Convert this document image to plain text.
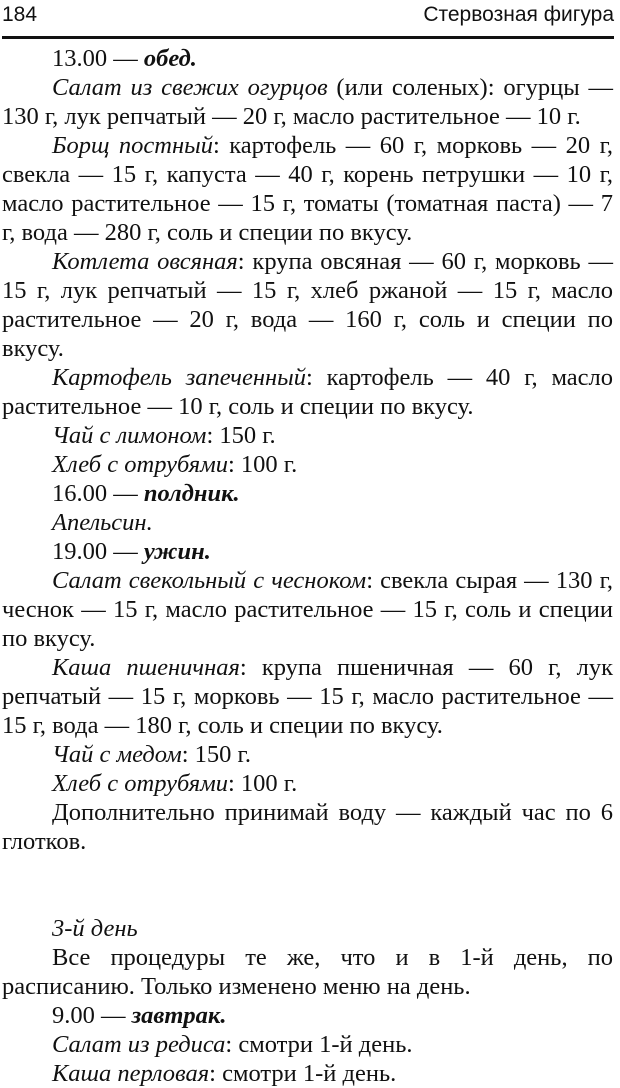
184	Стервозная фигура

13.00 — обед.

Салат из свежих огурцов (или соленых): огурцы — 130 г, лук репчатый — 20 г, масло растительное — 10 г.

Борщ постный: картофель — 60 г, морковь — 20 г, свекла — 15 г, капуста — 40 г, корень петрушки — 10 г, масло растительное — 15 г, томаты (томатная паста) — 7 г, вода — 280 г, соль и специи по вкусу.

Котлета овсяная: крупа овсяная — 60 г, морковь — 15 г, лук репчатый — 15 г, хлеб ржаной — 15 г, масло растительное — 20 г, вода — 160 г, соль и специи по вкусу.

Картофель запеченный: картофель — 40 г, масло растительное — 10 г, соль и специи по вкусу.

Чай с лимоном: 150 г.

Хлеб с отрубями: 100 г.

16.00 — полдник.

Апельсин.

19.00 — ужин.

Салат свекольный с чесноком: свекла сырая — 130 г, чеснок — 15 г, масло растительное — 15 г, соль и специи по вкусу.

Каша пшеничная: крупа пшеничная — 60 г, лук репчатый — 15 г, морковь — 15 г, масло растительное — 15 г, вода — 180 г, соль и специи по вкусу.

Чай с медом: 150 г.

Хлеб с отрубями: 100 г.

Дополнительно принимай воду — каждый час по 6 глотков.

3-й день

Все процедуры те же, что и в 1-й день, по расписанию. Только изменено меню на день.

9.00 — завтрак.

Салат из редиса: смотри 1-й день.

Каша перловая: смотри 1-й день.
